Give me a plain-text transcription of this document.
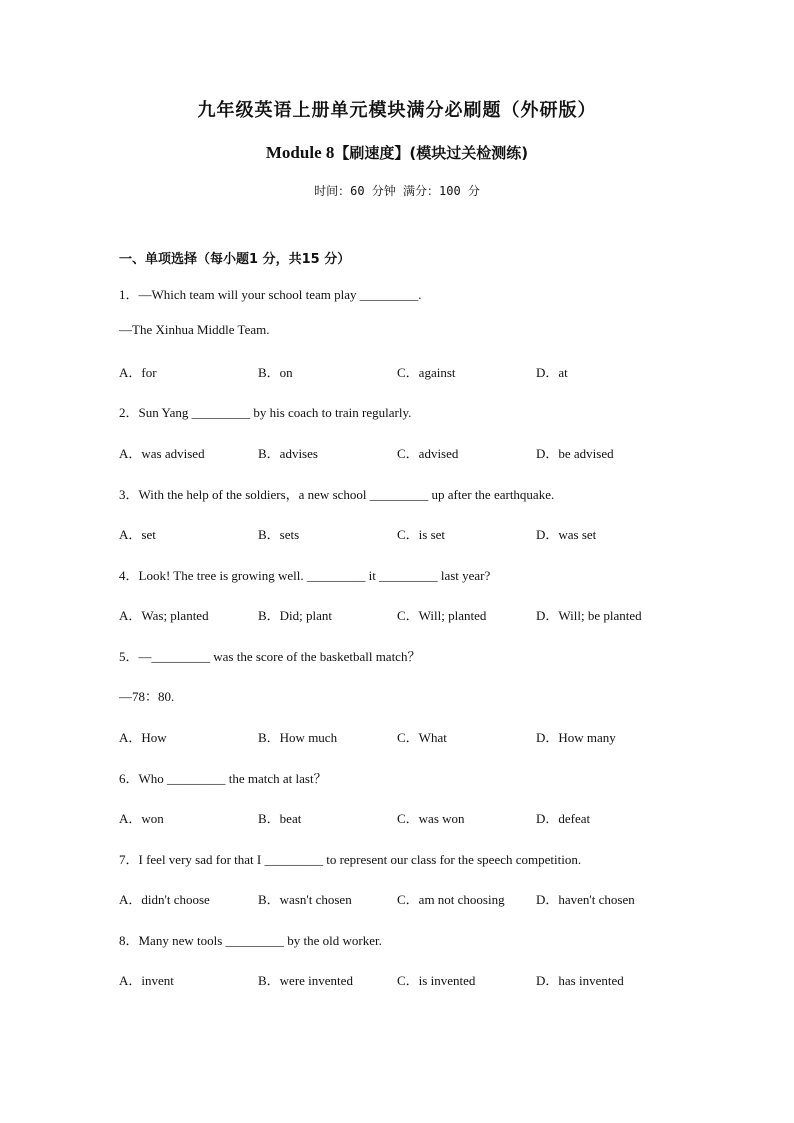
九年级英语上册单元模块满分必刷题（外研版）
Module 8【刷速度】(模块过关检测练)
时间：60 分钟 满分：100 分
一、单项选择（每小题1 分，共15 分）
1．—Which team will your school team play _________.
—The Xinhua Middle Team.
A．for	B．on	C．against	D．at
2．Sun Yang _________ by his coach to train regularly.
A．was advised	B．advises	C．advised	D．be advised
3．With the help of the soldiers，a new school _________ up after the earthquake.
A．set	B．sets	C．is set	D．was set
4．Look! The tree is growing well. _________ it _________ last year?
A．Was; planted	B．Did; plant	C．Will; planted	D．Will; be planted
5．—_________ was the score of the basketball match？
—78：80.
A．How	B．How much	C．What	D．How many
6．Who _________ the match at last？
A．won	B．beat	C．was won	D．defeat
7．I feel very sad for that I _________ to represent our class for the speech competition.
A．didn't choose	B．wasn't chosen	C．am not choosing D．haven't chosen
8．Many new tools _________ by the old worker.
A．invent	B．were invented	C．is invented	D．has invented
